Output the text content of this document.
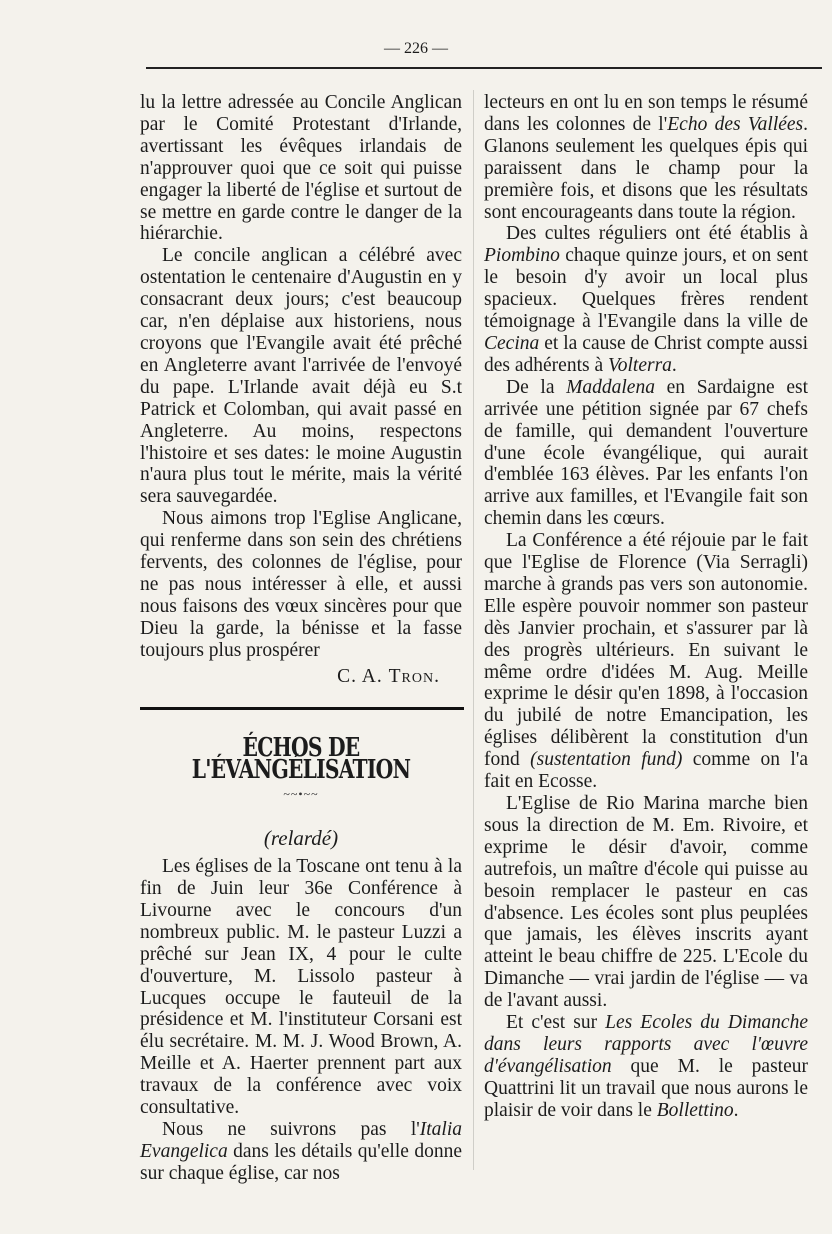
— 226 —

lu la lettre adressée au Concile Anglican par le Comité Protestant d'Irlande, avertissant les évêques irlandais de n'approuver quoi que ce soit qui puisse engager la liberté de l'église et surtout de se mettre en garde contre le danger de la hiérarchie.

Le concile anglican a célébré avec ostentation le centenaire d'Augustin en y consacrant deux jours; c'est beaucoup car, n'en déplaise aux historiens, nous croyons que l'Evangile avait été prêché en Angleterre avant l'arrivée de l'envoyé du pape. L'Irlande avait déjà eu S.t Patrick et Colomban, qui avait passé en Angleterre. Au moins, respectons l'histoire et ses dates: le moine Augustin n'aura plus tout le mérite, mais la vérité sera sauvegardée.

Nous aimons trop l'Eglise Anglicane, qui renferme dans son sein des chrétiens fervents, des colonnes de l'église, pour ne pas nous intéresser à elle, et aussi nous faisons des vœux sincères pour que Dieu la garde, la bénisse et la fasse toujours plus prospérer

C. A. Tron.
ÉCHOS DE L'ÉVANGÉLISATION
~~•~~
(relardé)

Les églises de la Toscane ont tenu à la fin de Juin leur 36e Conférence à Livourne avec le concours d'un nombreux public. M. le pasteur Luzzi a prêché sur Jean IX, 4 pour le culte d'ouverture, M. Lissolo pasteur à Lucques occupe le fauteuil de la présidence et M. l'instituteur Corsani est élu secrétaire. M. M. J. Wood Brown, A. Meille et A. Haerter prennent part aux travaux de la conférence avec voix consultative.

Nous ne suivrons pas l'Italia Evangelica dans les détails qu'elle donne sur chaque église, car nos

lecteurs en ont lu en son temps le résumé dans les colonnes de l'Echo des Vallées. Glanons seulement les quelques épis qui paraissent dans le champ pour la première fois, et disons que les résultats sont encourageants dans toute la région.

Des cultes réguliers ont été établis à Piombino chaque quinze jours, et on sent le besoin d'y avoir un local plus spacieux. Quelques frères rendent témoignage à l'Evangile dans la ville de Cecina et la cause de Christ compte aussi des adhérents à Volterra.

De la Maddalena en Sardaigne est arrivée une pétition signée par 67 chefs de famille, qui demandent l'ouverture d'une école évangélique, qui aurait d'emblée 163 élèves. Par les enfants l'on arrive aux familles, et l'Evangile fait son chemin dans les cœurs.

La Conférence a été réjouie par le fait que l'Eglise de Florence (Via Serragli) marche à grands pas vers son autonomie. Elle espère pouvoir nommer son pasteur dès Janvier prochain, et s'assurer par là des progrès ultérieurs. En suivant le même ordre d'idées M. Aug. Meille exprime le désir qu'en 1898, à l'occasion du jubilé de notre Emancipation, les églises délibèrent la constitution d'un fond (sustentation fund) comme on l'a fait en Ecosse.

L'Eglise de Rio Marina marche bien sous la direction de M. Em. Rivoire, et exprime le désir d'avoir, comme autrefois, un maître d'école qui puisse au besoin remplacer le pasteur en cas d'absence. Les écoles sont plus peuplées que jamais, les élèves inscrits ayant atteint le beau chiffre de 225. L'Ecole du Dimanche — vrai jardin de l'église — va de l'avant aussi.

Et c'est sur Les Ecoles du Dimanche dans leurs rapports avec l'œuvre d'évangélisation que M. le pasteur Quattrini lit un travail que nous aurons le plaisir de voir dans le Bollettino.
